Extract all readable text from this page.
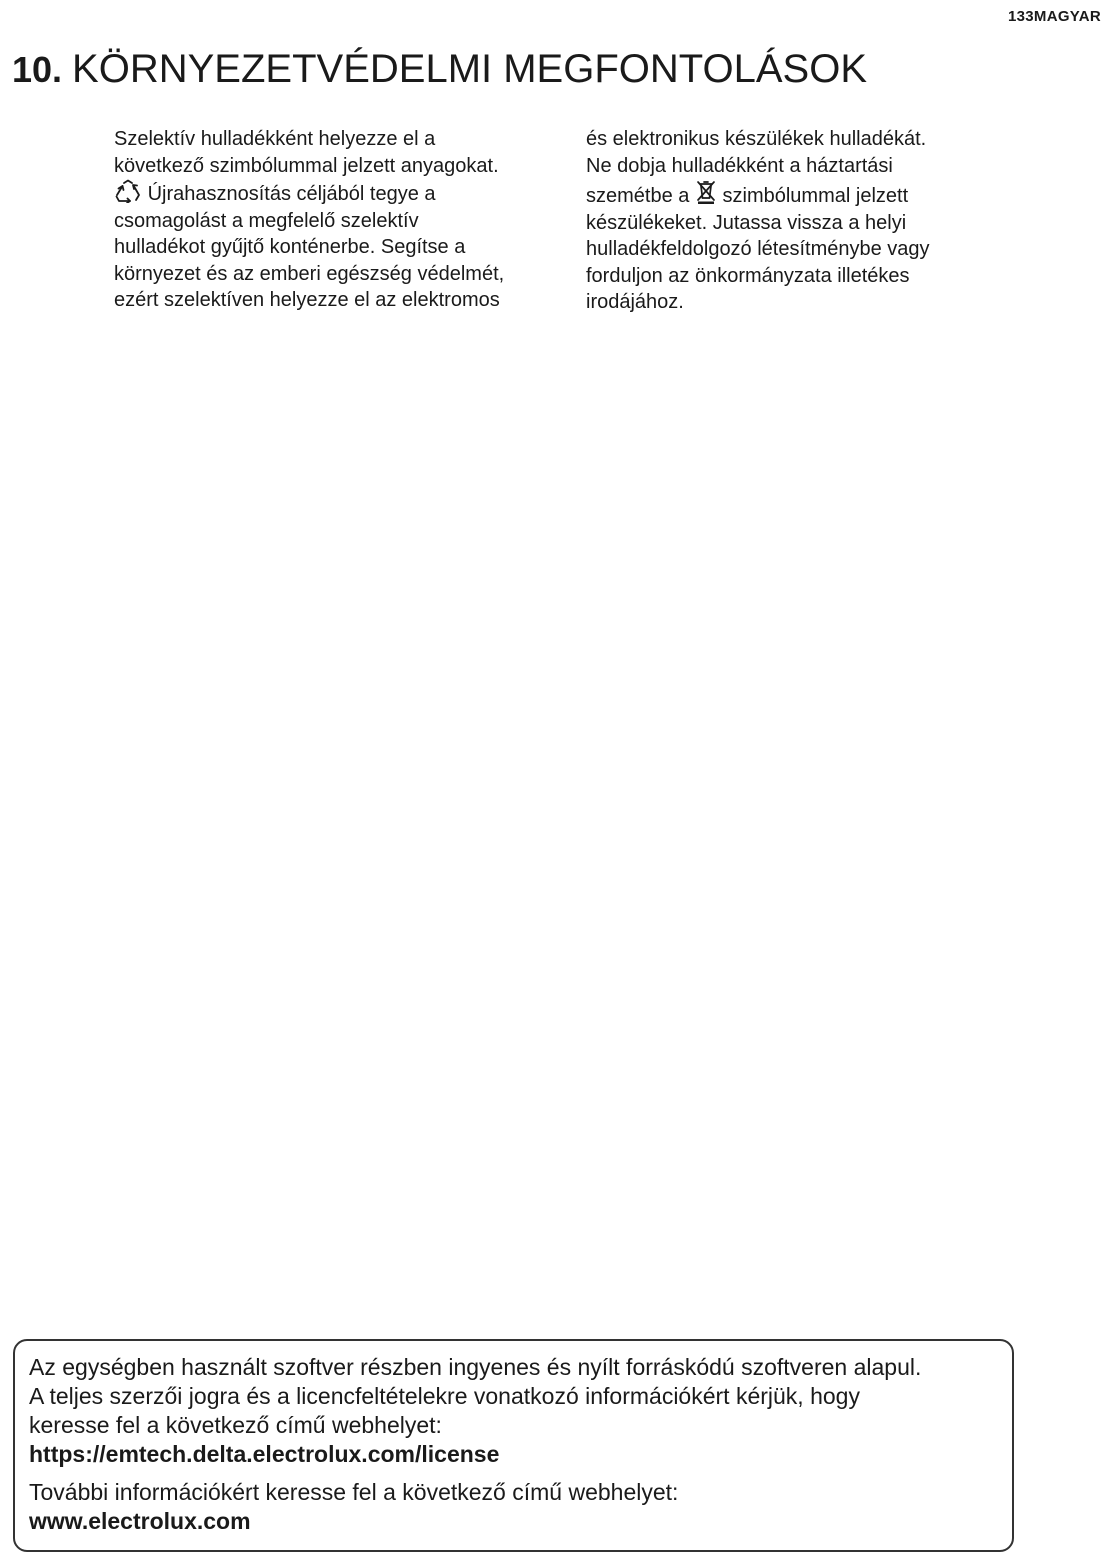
133MAGYAR
10. KÖRNYEZETVÉDELMI MEGFONTOLÁSOK

Szelektív hulladékként helyezze el a

következő szimbólummal jelzett anyagokat.

Újrahasznosítás céljából tegye a

csomagolást a megfelelő szelektív

hulladékot gyűjtő konténerbe. Segítse a

környezet és az emberi egészség védelmét,

ezért szelektíven helyezze el az elektromos

és elektronikus készülékek hulladékát.

Ne dobja hulladékként a háztartási

szemétbe a szimbólummal jelzett

készülékeket. Jutassa vissza a helyi

hulladékfeldolgozó létesítménybe vagy

forduljon az önkormányzata illetékes

irodájához.

Az egységben használt szoftver részben ingyenes és nyílt forráskódú szoftveren alapul.

A teljes szerzői jogra és a licencfeltételekre vonatkozó információkért kérjük, hogy

keresse fel a következő című webhelyet:

https://emtech.delta.electrolux.com/license

További információkért keresse fel a következő című webhelyet:

www.electrolux.com
